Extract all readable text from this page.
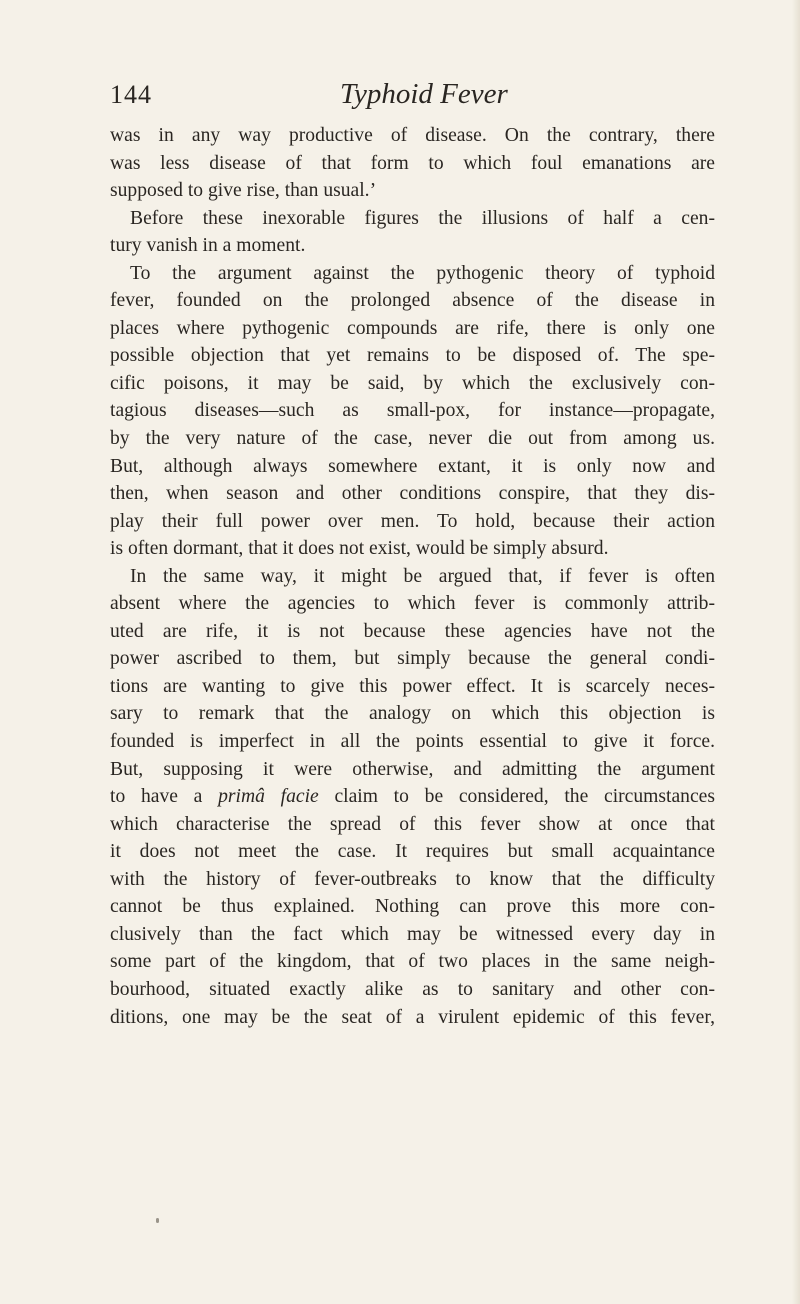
144	Typhoid Fever
was in any way productive of disease. On the contrary, there
was less disease of that form to which foul emanations are
supposed to give rise, than usual.’
Before these inexorable figures the illusions of half a cen-
tury vanish in a moment.
To the argument against the pythogenic theory of typhoid
fever, founded on the prolonged absence of the disease in
places where pythogenic compounds are rife, there is only one
possible objection that yet remains to be disposed of. The spe-
cific poisons, it may be said, by which the exclusively con-
tagious diseases—such as small-pox, for instance—propagate,
by the very nature of the case, never die out from among us.
But, although always somewhere extant, it is only now and
then, when season and other conditions conspire, that they dis-
play their full power over men. To hold, because their action
is often dormant, that it does not exist, would be simply absurd.
In the same way, it might be argued that, if fever is often
absent where the agencies to which fever is commonly attrib-
uted are rife, it is not because these agencies have not the
power ascribed to them, but simply because the general condi-
tions are wanting to give this power effect. It is scarcely neces-
sary to remark that the analogy on which this objection is
founded is imperfect in all the points essential to give it force.
But, supposing it were otherwise, and admitting the argument
to have a primâ facie claim to be considered, the circumstances
which characterise the spread of this fever show at once that
it does not meet the case. It requires but small acquaintance
with the history of fever-outbreaks to know that the difficulty
cannot be thus explained. Nothing can prove this more con-
clusively than the fact which may be witnessed every day in
some part of the kingdom, that of two places in the same neigh-
bourhood, situated exactly alike as to sanitary and other con-
ditions, one may be the seat of a virulent epidemic of this fever,
